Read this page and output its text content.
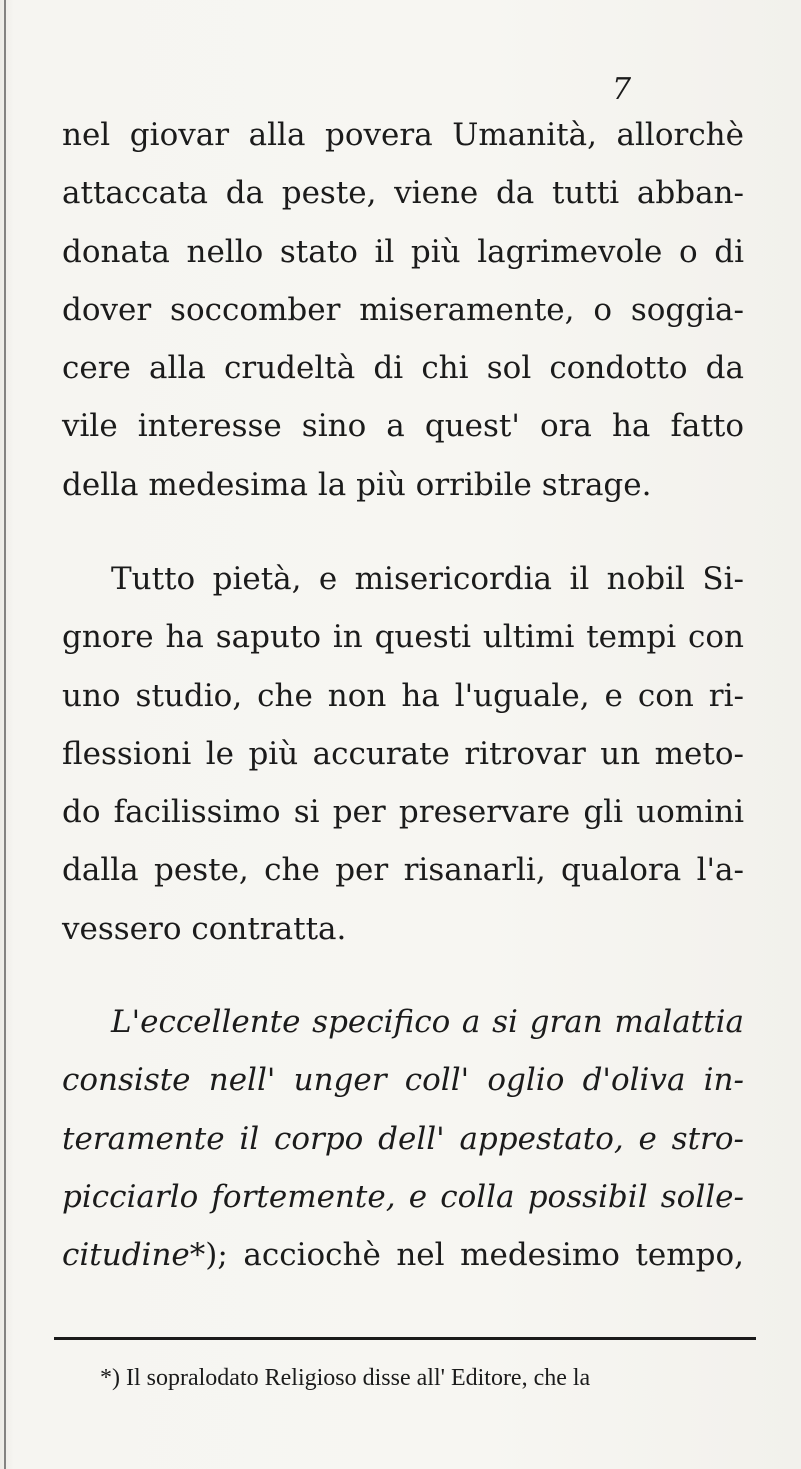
7
nel giovar alla povera Umanità, allorchè
attaccata da peste, viene da tutti abban-
donata nello stato il più lagrimevole o di
dover soccomber miseramente, o soggia-
cere alla crudeltà di chi sol condotto da
vile interesse sino a quest' ora ha fatto
della medesima la più orribile strage.
Tutto pietà, e misericordia il nobil Si-
gnore ha saputo in questi ultimi tempi con
uno studio, che non ha l'uguale, e con ri-
flessioni le più accurate ritrovar un meto-
do facilissimo si per preservare gli uomini
dalla peste, che per risanarli, qualora l'a-
vessero contratta.
L'eccellente specifico a si gran malattia
consiste nell' unger coll' oglio d'oliva in-
teramente il corpo dell' appestato, e stro-
picciarlo fortemente, e colla possibil solle-
citudine*); acciochè nel medesimo tempo,
*) Il sopralodato Religioso disse all' Editore, che la
